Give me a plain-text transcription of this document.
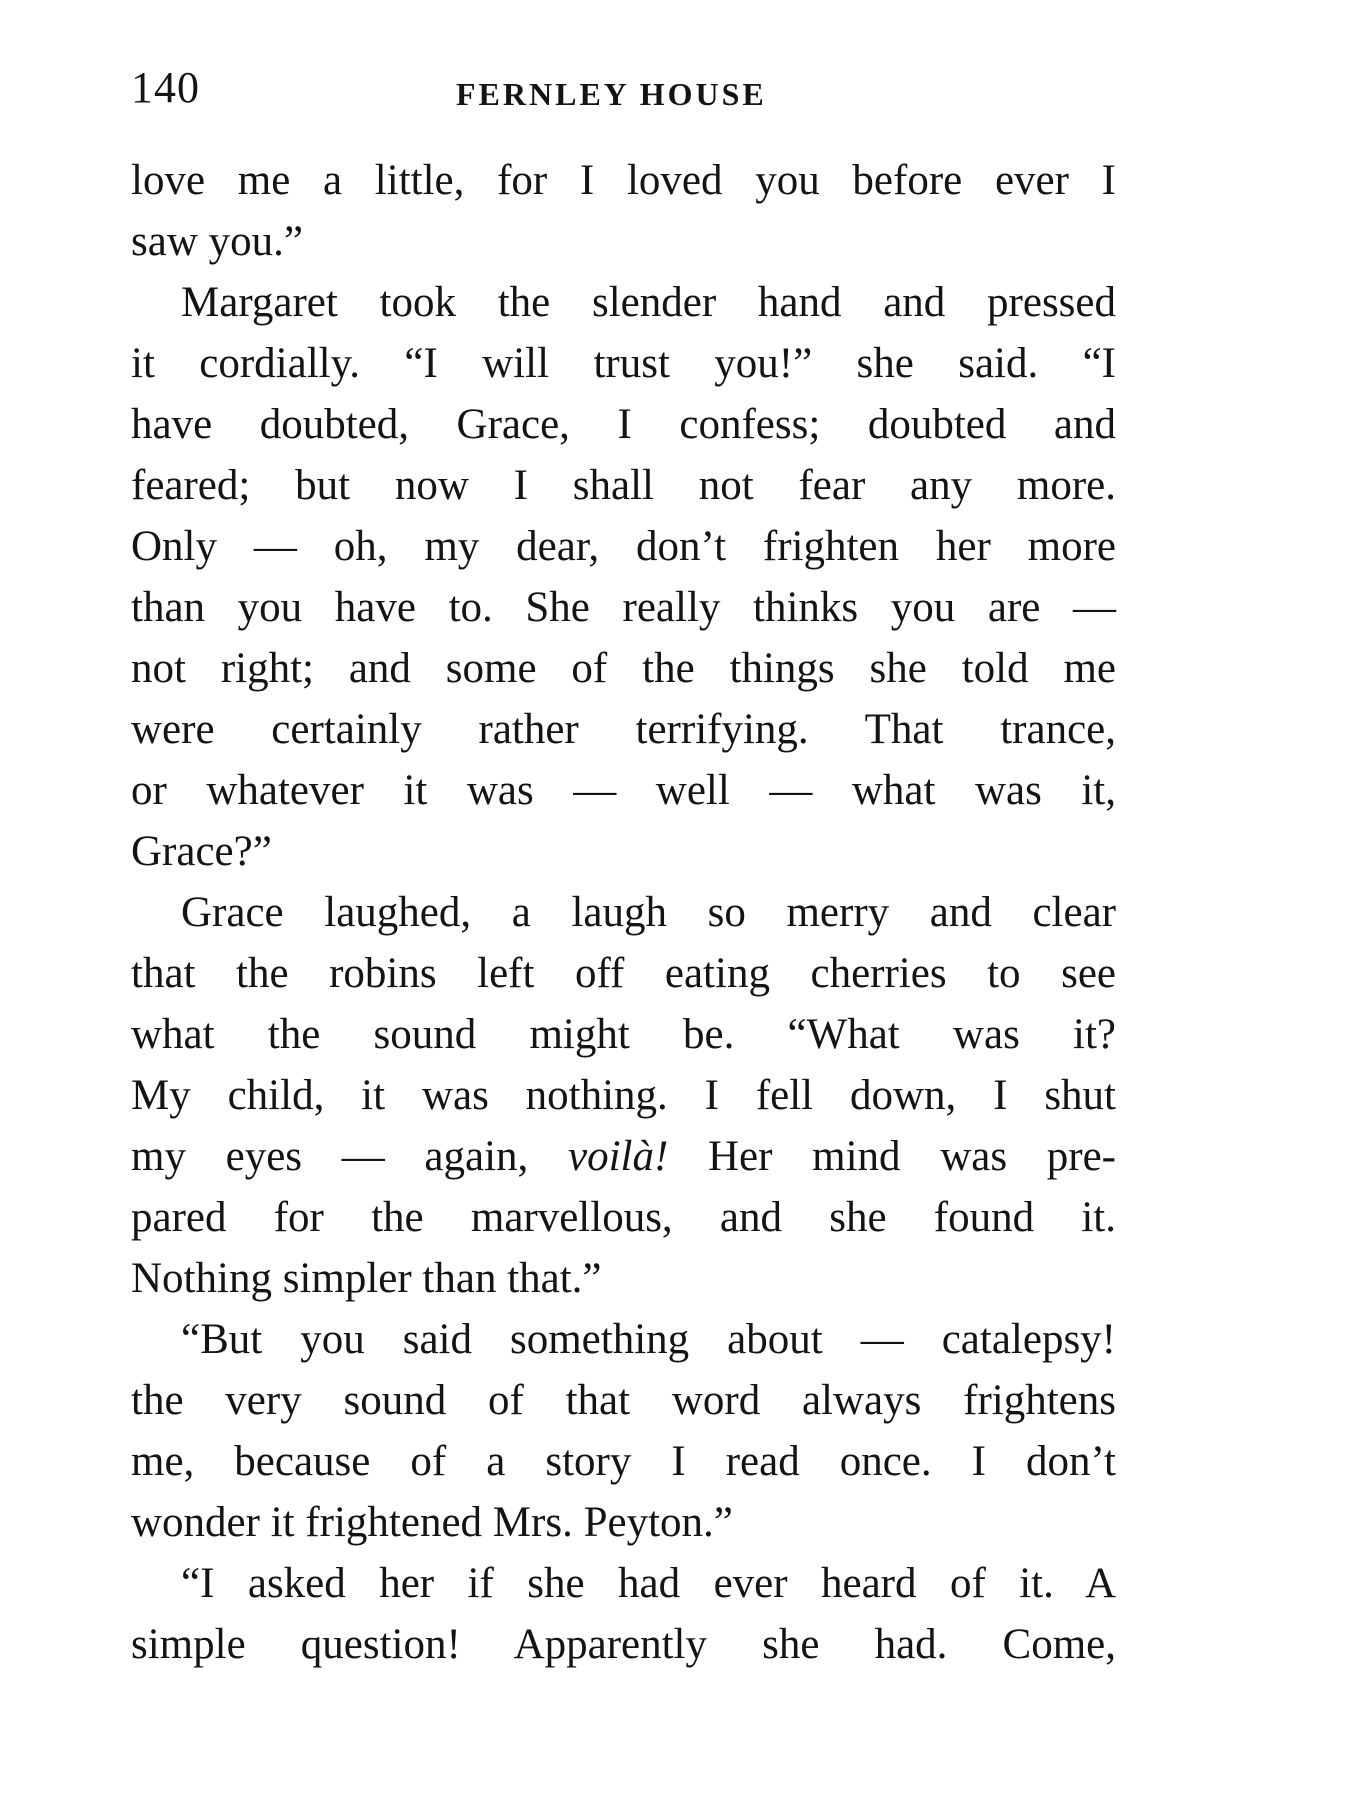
140	FERNLEY HOUSE
love me a little, for I loved you before ever I
saw you.”
Margaret took the slender hand and pressed
it cordially. “I will trust you!” she said. “I
have doubted, Grace, I confess; doubted and
feared; but now I shall not fear any more.
Only — oh, my dear, don’t frighten her more
than you have to. She really thinks you are —
not right; and some of the things she told me
were certainly rather terrifying. That trance,
or whatever it was — well — what was it,
Grace?”
Grace laughed, a laugh so merry and clear
that the robins left off eating cherries to see
what the sound might be. “What was it?
My child, it was nothing. I fell down, I shut
my eyes — again, voilà! Her mind was pre-
pared for the marvellous, and she found it.
Nothing simpler than that.”
“But you said something about — catalepsy!
the very sound of that word always frightens
me, because of a story I read once. I don’t
wonder it frightened Mrs. Peyton.”
“I asked her if she had ever heard of it. A
simple question! Apparently she had. Come,
